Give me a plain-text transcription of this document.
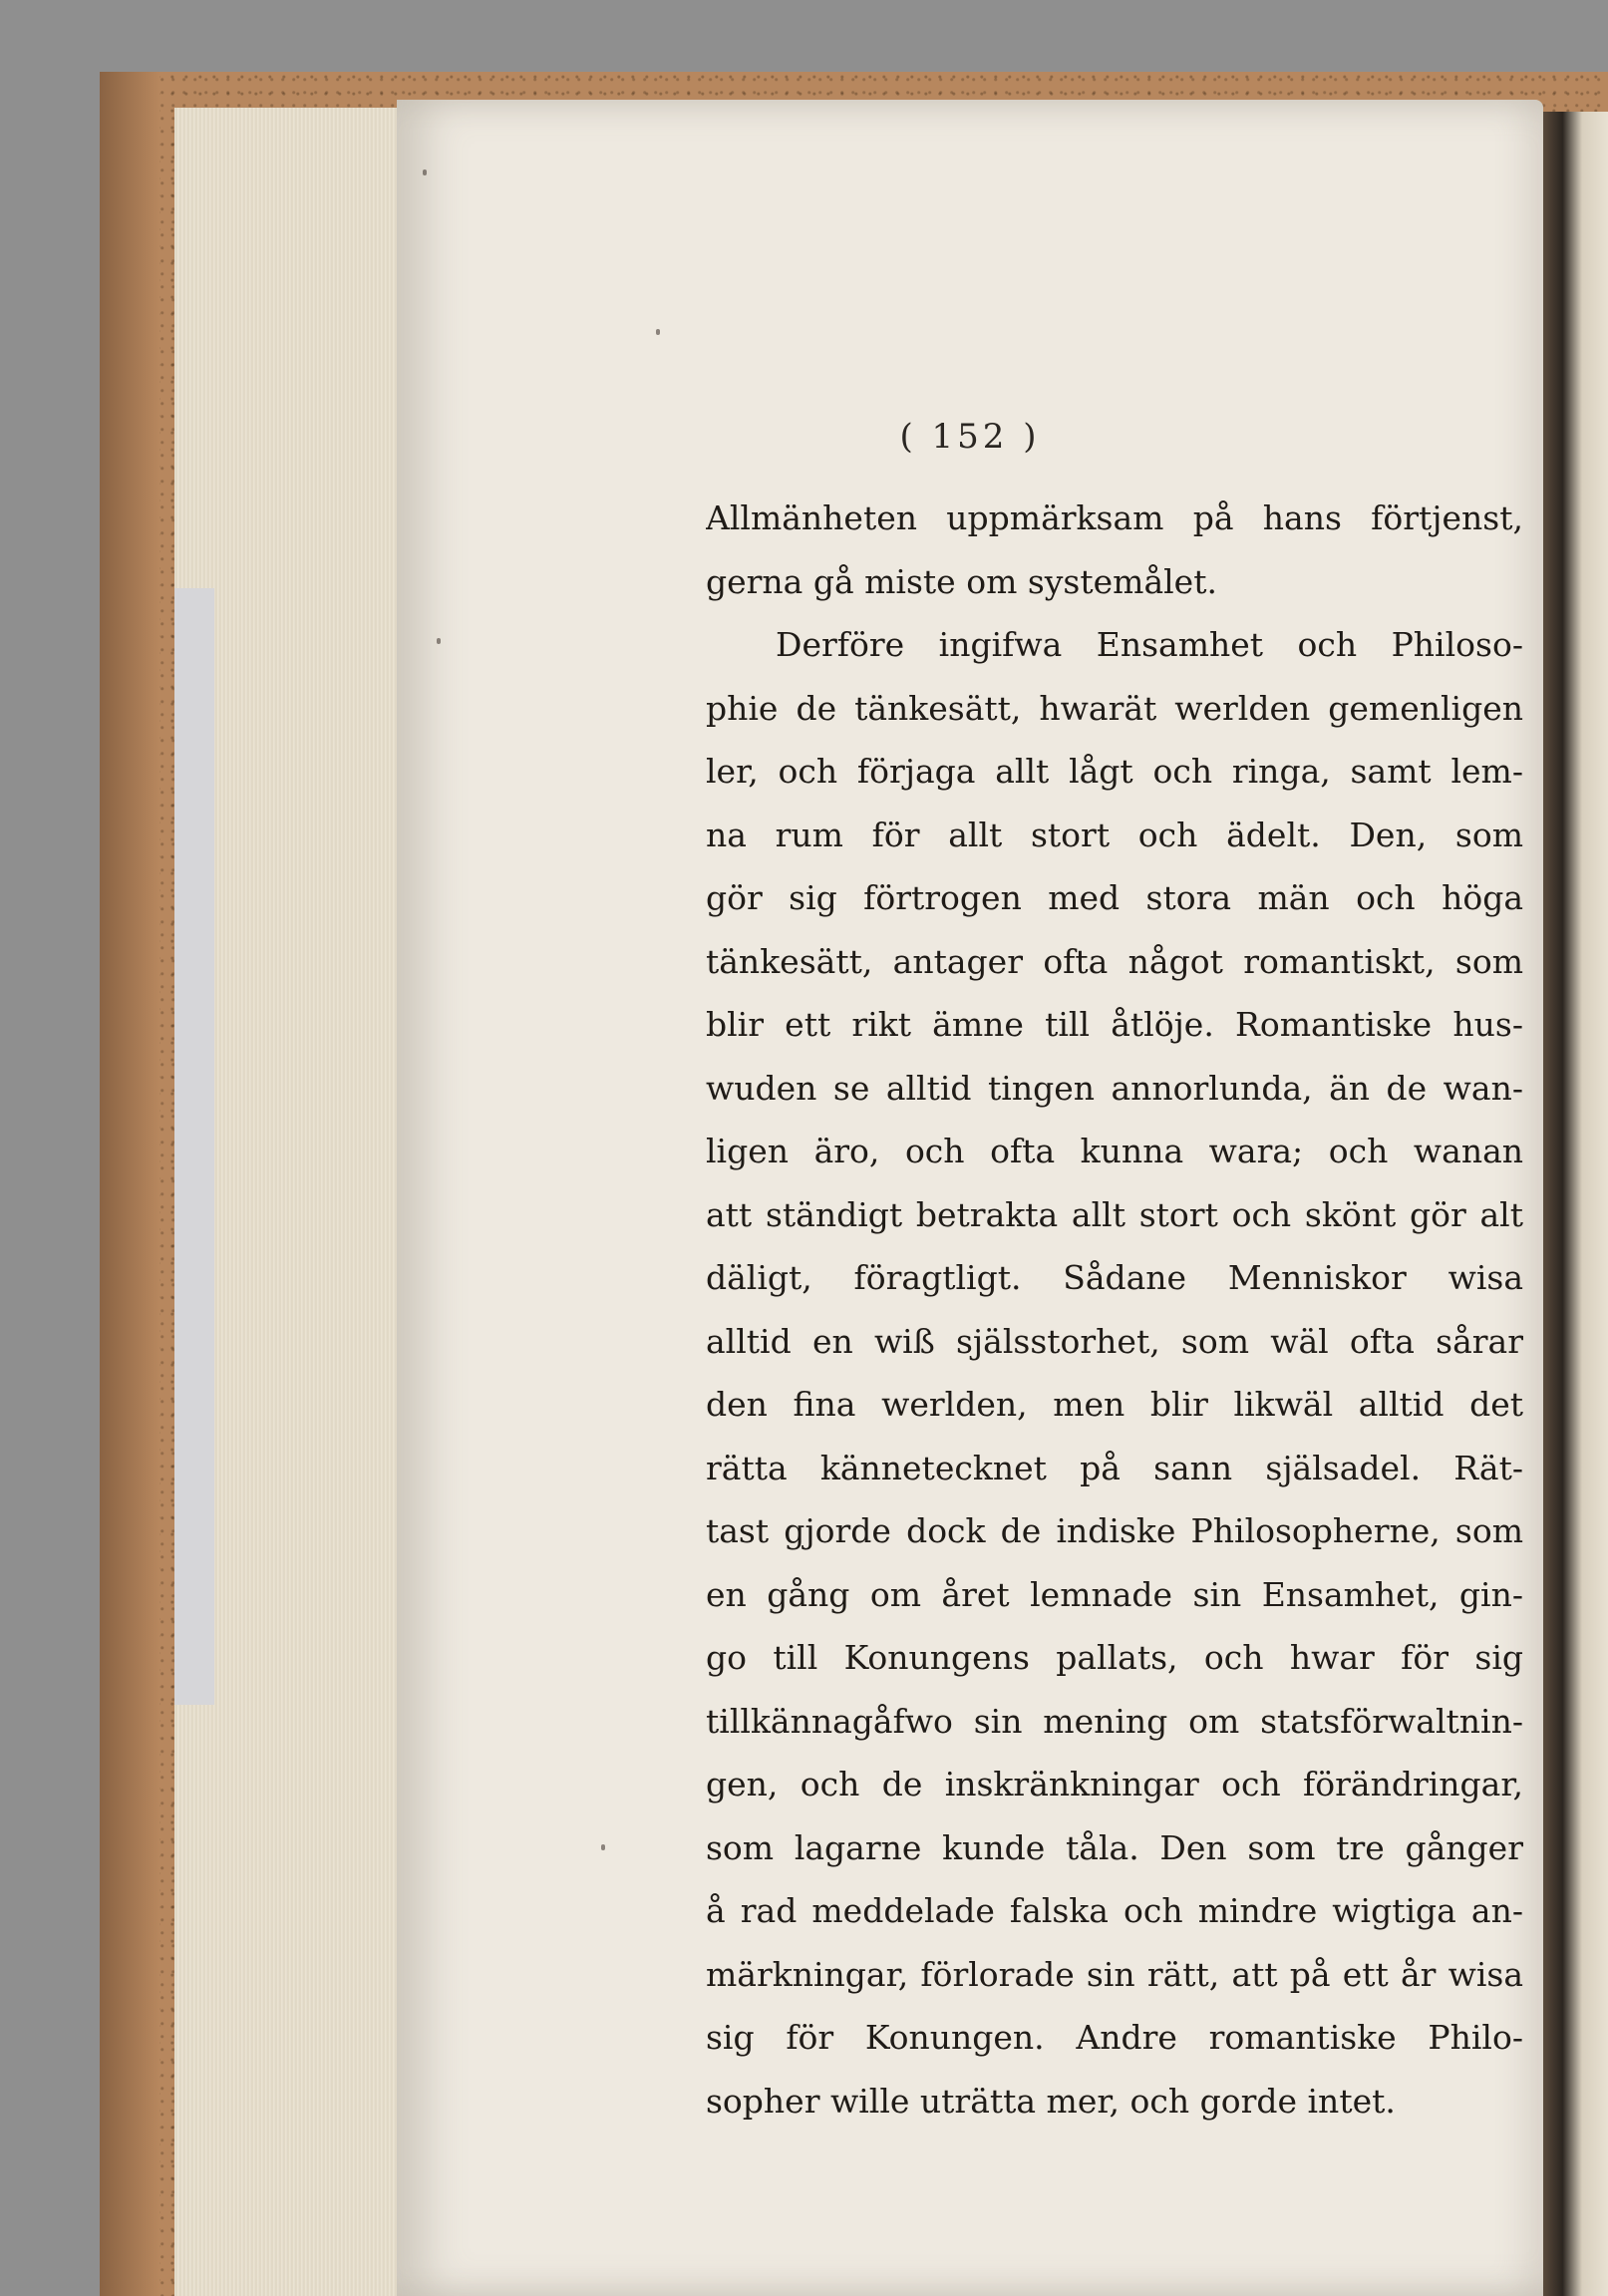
( 152 )
Allmänheten uppmärksam på hans förtjenst,
gerna gå miste om systemålet.
Derföre ingifwa Ensamhet och Philoso-
phie de tänkesätt, hwarät werlden gemenligen
ler, och förjaga allt lågt och ringa, samt lem-
na rum för allt stort och ädelt. Den, som
gör sig förtrogen med stora män och höga
tänkesätt, antager ofta något romantiskt, som
blir ett rikt ämne till åtlöje. Romantiske hus-
wuden se alltid tingen annorlunda, än de wan-
ligen äro, och ofta kunna wara; och wanan
att ständigt betrakta allt stort och skönt gör alt
däligt, föragtligt. Sådane Menniskor wisa
alltid en wiß själsstorhet, som wäl ofta sårar
den fina werlden, men blir likwäl alltid det
rätta kännetecknet på sann själsadel. Rät-
tast gjorde dock de indiske Philosopherne, som
en gång om året lemnade sin Ensamhet, gin-
go till Konungens pallats, och hwar för sig
tillkännagåfwo sin mening om statsförwaltnin-
gen, och de inskränkningar och förändringar,
som lagarne kunde tåla. Den som tre gånger
å rad meddelade falska och mindre wigtiga an-
märkningar, förlorade sin rätt, att på ett år wisa
sig för Konungen. Andre romantiske Philo-
sopher wille uträtta mer, och gorde intet.
